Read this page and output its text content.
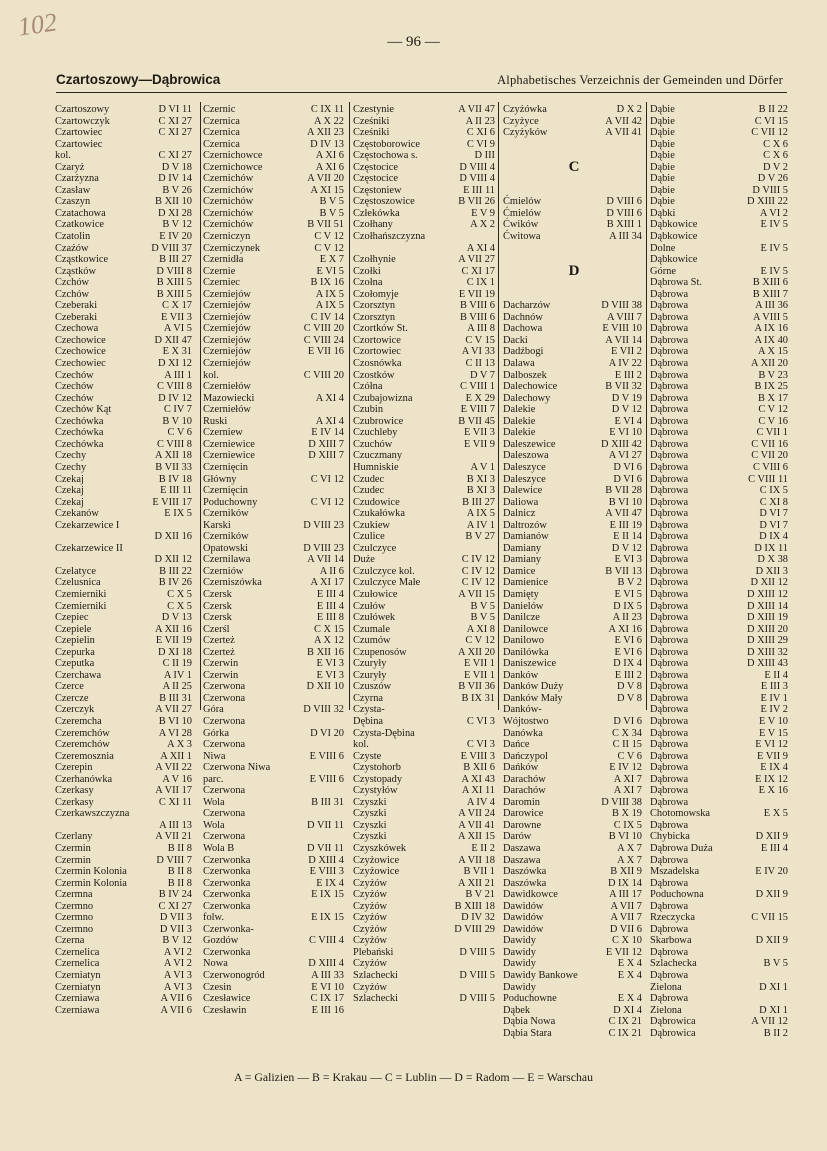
102
— 96 —
Czartoszowy—Dąbrowica	Alphabetisches Verzeichnis der Gemeinden und Dörfer
Czartoszowy	D VI 11
Czartowczyk	C XI 27
Czartowiec	C XI 27
Czartowiec
kol.	C XI 27
Czaryż	D V 18
Czarżyzna	D IV 14
Czasław	B V 26
Czaszyn	B XII 10
Czatachowa	D XI 28
Czatkowice	B V 12
Czatolin	E IV 20
Czaźów	D VIII 37
Cząstkowice	B III 27
Cząstków	D VIII 8
Czchów	B XIII 5
Czchów	B XIII 5
Czeberaki	C X 17
Czeberaki	E VII 3
Czechowa	A VI 5
Czechowice	D XII 47
Czechowice	E X 31
Czechowiec	D XI 12
Czechów	A III 1
Czechów	C VIII 8
Czechów	D IV 12
Czechów Kąt	C IV 7
Czechówka	B V 10
Czechówka	C V 6
Czechówka	C VIII 8
Czechy	A XII 18
Czechy	B VII 33
Czekaj	B IV 18
Czekaj	E III 11
Czekaj	E VIII 17
Czekanów	E IX 5
Czekarzewice I
D XII 16
Czekarzewice II
D XII 12
Czelatyce	B III 22
Czelusnica	B IV 26
Czemierniki	C X 5
Czemierniki	C X 5
Czepiec	D V 13
Czepiele	A XII 16
Czepielin	E VII 19
Czepurka	D XI 18
Czeputka	C II 19
Czerchawa	A IV 1
Czerce	A II 25
Czercze	B III 31
Czerczyk	A VII 27
Czeremcha	B VI 10
Czeremchów	A VI 28
Czeremchów	A X 3
Czeremosznia	A XII 1
Czerepin	A VII 22
Czerhanówka	A V 16
Czerkasy	A VII 17
Czerkasy	C XI 11
Czerkawszczyzna
A III 13
Czerlany	A VII 21
Czermin	B II 8
Czermin	D VIII 7
Czermin Kolonia	B II 8
Czermin Kolonia	B II 8
Czermna	B IV 24
Czermno	C XI 27
Czermno	D VII 3
Czermno	D VII 3
Czerna	B V 12
Czernelica	A VI 2
Czernelica	A VI 2
Czerniatyn	A VI 3
Czerniatyn	A VI 3
Czerniawa	A VII 6
Czerniawa	A VII 6
Czernic	C IX 11
Czernica	A X 22
Czernica	A XII 23
Czernica	D IV 13
Czernichowce	A XI 6
Czernichowce	A XI 6
Czernichów	A VII 20
Czernichów	A XI 15
Czernichów	B V 5
Czernichów	B V 5
Czernichów	B VII 51
Czerniczyn	C V 12
Czerniczynek	C V 12
Czernidła	E X 7
Czernie	E VI 5
Czerniec	B IX 16
Czerniejów	A IX 5
Czerniejów	A IX 5
Czerniejów	C IV 14
Czerniejów	C VIII 20
Czerniejów	C VIII 24
Czerniejów	E VII 16
Czerniejów
kol.	C VIII 20
Czerniełów
Mazowiecki	A XI 4
Czerniełów
Ruski	A XI 4
Czerniew	E IV 14
Czerniewice	D XIII 7
Czerniewice	D XIII 7
Czernięcin
Główny	C VI 12
Czernięcin
Poduchowny	C VI 12
Czerników
Karski	D VIII 23
Czerników
Opatowski	D VIII 23
Czernilawa	A VII 14
Czerniów	A II 6
Czerniszówka	A XI 17
Czersk	E III 4
Czersk	E III 4
Czersk	E III 8
Czerśl	C X 15
Czerteż	A X 12
Czerteż	B XII 16
Czerwin	E VI 3
Czerwin	E VI 3
Czerwona	D XII 10
Czerwona
Góra	D VIII 32
Czerwona
Górka	D VI 20
Czerwona
Niwa	E VIII 6
Czerwona Niwa
parc.	E VIII 6
Czerwona
Wola	B III 31
Czerwona
Wola	D VII 11
Czerwona
Wola B	D VII 11
Czerwonka	D XIII 4
Czerwonka	E VIII 3
Czerwonka	E IX 4
Czerwonka	E IX 15
Czerwonka
folw.	E IX 15
Czerwonka-
Gozdów	C VIII 4
Czerwonka
Nowa	D XIII 4
Czerwonogród	A III 33
Czesin	E VI 10
Czesławice	C IX 17
Czesławin	E III 16
Czestynie	A VII 47
Cześniki	A II 23
Cześniki	C XI 6
Częstoborowice	C VI 9
Częstochowa s.	D III
Częstocice	D VIII 4
Częstocice	D VIII 4
Częstoniew	E III 11
Częstoszowice	B VII 26
Człekówka	E V 9
Czołhany	A X 2
Czołhańszczyzna
A XI 4
Czołhynie	A VII 27
Czołki	C XI 17
Czołna	C IX 1
Czołomyje	E VII 19
Czorsztyn	B VIII 6
Czorsztyn	B VIII 6
Czortków St.	A III 8
Czortowice	C V 15
Czortowiec	A VI 33
Czosnówka	C II 13
Czostków	D V 7
Czółna	C VIII 1
Czubajowizna	E X 29
Czubin	E VIII 7
Czubrowice	B VII 45
Czuchleby	E VII 3
Czuchów	E VII 9
Czuczmany
Humniskie	A V 1
Czudec	B XI 3
Czudec	B XI 3
Czudowice	B III 27
Czukałówka	A IX 5
Czukiew	A IV 1
Czulice	B V 27
Czulczyce
Duże	C IV 12
Czulczyce kol.	C IV 12
Czulczyce Małe	C IV 12
Czułowice	A VII 15
Czułów	B V 5
Czułówek	B V 5
Czumale	A XI 8
Czumów	C V 12
Czupenosów	A XII 20
Czuryły	E VII 1
Czuryły	E VII 1
Czuszów	B VII 36
Czyrna	B IX 31
Czysta-
Dębina	C VI 3
Czysta-Dębina
kol.	C VI 3
Czyste	E VIII 3
Czystohorb	B XII 6
Czystopady	A XI 43
Czystyłów	A XI 11
Czyszki	A IV 4
Czyszki	A VII 24
Czyszki	A VII 41
Czyszki	A XII 15
Czyszkówek	E II 2
Czyżowice	A VII 18
Czyżowice	B VII 1
Czyżów	A XII 21
Czyżów	B V 21
Czyżów	B XIII 18
Czyżów	D IV 32
Czyżów	D VIII 29
Czyżów
Plebański	D VIII 5
Czyżów
Szlachecki	D VIII 5
Czyżów
Szlachecki	D VIII 5
Czyżówka	D X 2
Czyżyce	A VII 42
Czyżyków	A VII 41
C
Ćmielów	D VIII 6
Ćmielów	D VIII 6
Ćwików	B XIII 1
Ćwitowa	A III 34
D
Dacharzów	D VIII 38
Dachnów	A VIII 7
Dachowa	E VIII 10
Dacki	A VII 14
Dadźbogi	E VII 2
Dalawa	A IV 22
Dalboszek	E III 2
Dalechowice	B VII 32
Dalechowy	D V 19
Dalekie	D V 12
Dalekie	E VI 4
Dalekie	E VI 10
Daleszewice	D XIII 42
Daleszowa	A VI 27
Daleszyce	D VI 6
Daleszyce	D VI 6
Dalewice	B VII 28
Daliowa	B VI 10
Dalnicz	A VII 47
Daltrozów	E III 19
Damianów	E II 14
Damiany	D V 12
Damiany	E VI 3
Damice	B VII 13
Damienice	B V 2
Damięty	E VI 5
Danielów	D IX 5
Danilcze	A II 23
Danilowce	A XI 16
Danilowo	E VI 6
Danilówka	E VI 6
Daniszewice	D IX 4
Danków	E III 2
Danków Duży	D V 8
Danków Mały	D V 8
Danków-
Wójtostwo	D VI 6
Danówka	C X 34
Dańce	C II 15
Dańczypol	C V 6
Dańków	E IV 12
Darachów	A XI 7
Darachów	A XI 7
Daromin	D VIII 38
Darowice	B X 19
Darowne	C IX 5
Darów	B VI 10
Daszawa	A X 7
Daszawa	A X 7
Daszówka	B XII 9
Daszówka	D IX 14
Dawidkowce	A III 17
Dawidów	A VII 7
Dawidów	A VII 7
Dawidów	D VII 6
Dawidy	C X 10
Dawidy	E VII 12
Dawidy	E X 4
Dawidy Bankowe	E X 4
Dawidy
Poduchowne	E X 4
Dąbek	D XI 4
Dąbia Nowa	C IX 21
Dąbia Stara	C IX 21
Dąbie	B II 22
Dąbie	C VI 15
Dąbie	C VII 12
Dąbie	C X 6
Dąbie	C X 6
Dąbie	D V 2
Dąbie	D V 26
Dąbie	D VIII 5
Dąbie	D XIII 22
Dąbki	A VI 2
Dąbkowice	E IV 5
Dąbkowice
Dolne	E IV 5
Dąbkowice
Górne	E IV 5
Dąbrowa St.	B XIII 6
Dąbrowa	B XIII 7
Dąbrowa	A III 36
Dąbrowa	A VIII 5
Dąbrowa	A IX 16
Dąbrowa	A IX 40
Dąbrowa	A X 15
Dąbrowa	A XII 20
Dąbrowa	B V 23
Dąbrowa	B IX 25
Dąbrowa	B X 17
Dąbrowa	C V 12
Dąbrowa	C V 16
Dąbrowa	C VII 1
Dąbrowa	C VII 16
Dąbrowa	C VII 20
Dąbrowa	C VIII 6
Dąbrowa	C VIII 11
Dąbrowa	C IX 5
Dąbrowa	C XI 8
Dąbrowa	D VI 7
Dąbrowa	D VI 7
Dąbrowa	D IX 4
Dąbrowa	D IX 11
Dąbrowa	D X 38
Dąbrowa	D XII 3
Dąbrowa	D XII 12
Dąbrowa	D XIII 12
Dąbrowa	D XIII 14
Dąbrowa	D XIII 19
Dąbrowa	D XIII 20
Dąbrowa	D XIII 29
Dąbrowa	D XIII 32
Dąbrowa	D XIII 43
Dąbrowa	E II 4
Dąbrowa	E III 3
Dąbrowa	E IV 1
Dąbrowa	E IV 2
Dąbrowa	E V 10
Dąbrowa	E V 15
Dąbrowa	E VI 12
Dąbrowa	E VII 9
Dąbrowa	E IX 4
Dąbrowa	E IX 12
Dąbrowa	E X 16
Dąbrowa
Chotomowska	E X 5
Dąbrowa
Chybicka	D XII 9
Dąbrowa Duża	E III 4
Dąbrowa
Mszadelska	E IV 20
Dąbrowa
Poduchowna	D XII 9
Dąbrowa
Rzeczycka	C VII 15
Dąbrowa
Skarbowa	D XII 9
Dąbrowa
Szlachecka	B V 5
Dąbrowa
Zielona	D XI 1
Dąbrowa
Zielona	D XI 1
Dąbrowica	A VII 12
Dąbrowica	B II 2
A = Galizien — B = Krakau — C = Lublin — D = Radom — E = Warschau
